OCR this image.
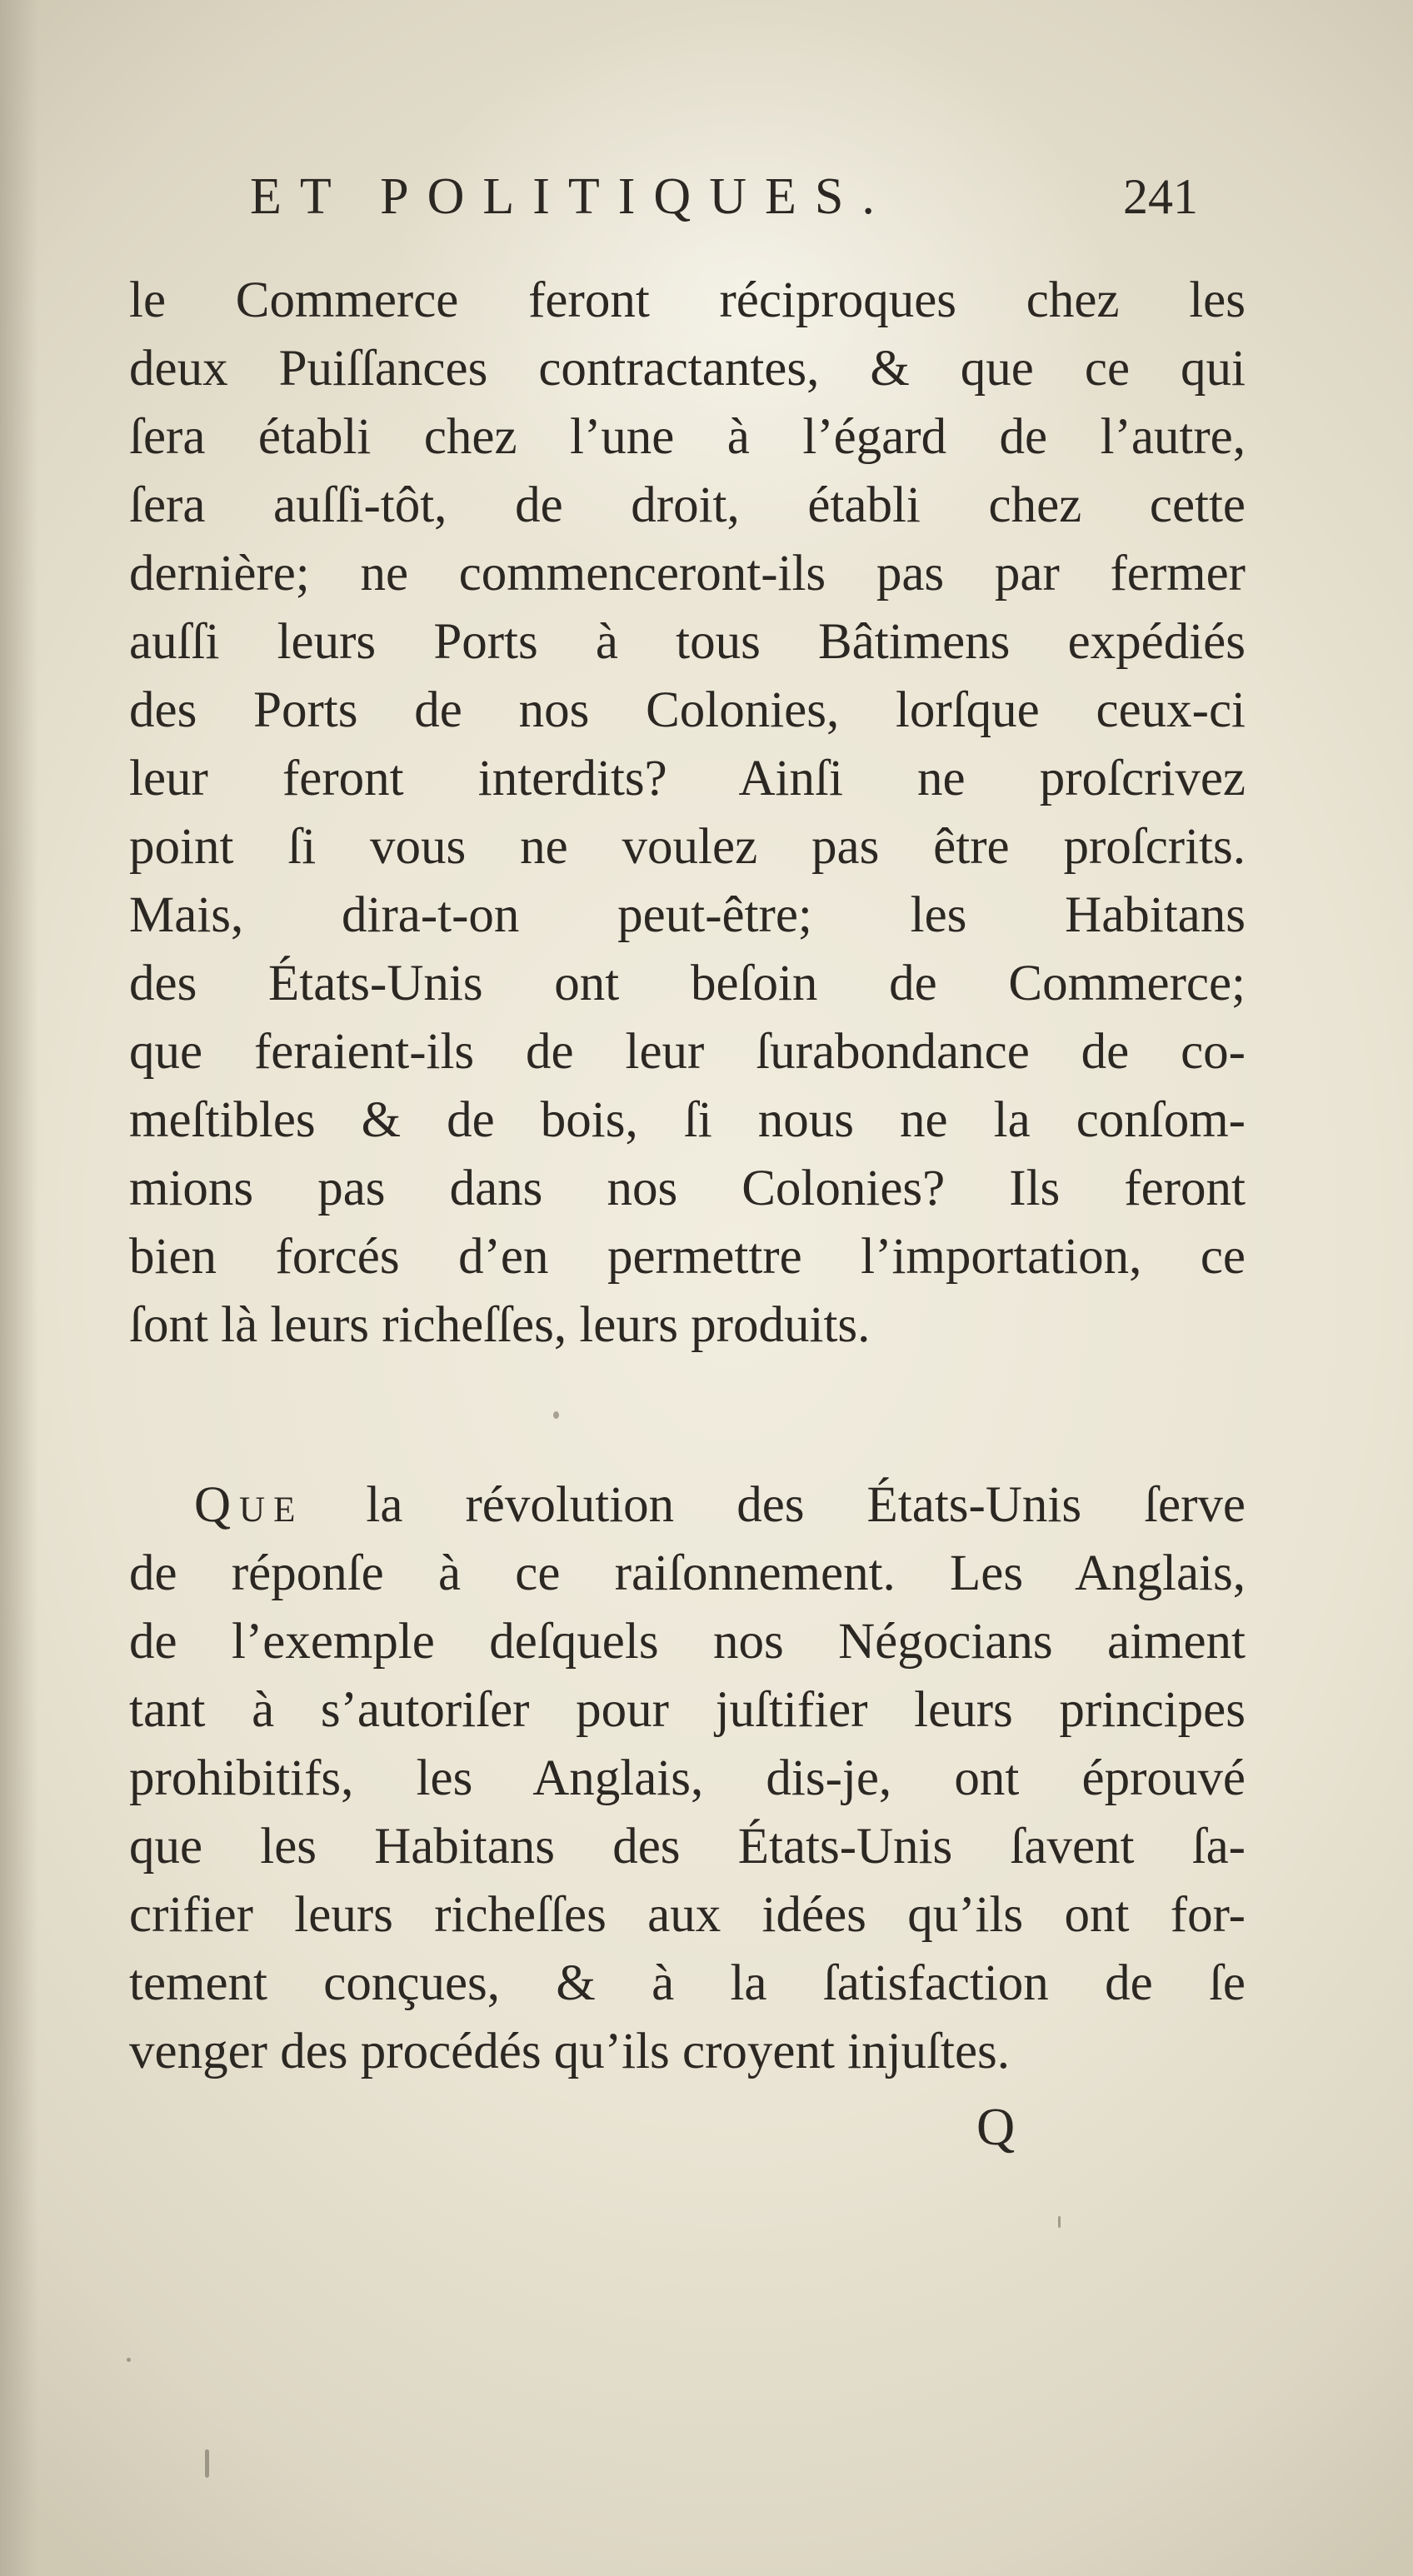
ET POLITIQUES.	241
le Commerce feront réciproques chez les
deux Puiſſances contractantes, & que ce qui
ſera établi chez l’une à l’égard de l’autre,
ſera auſſi-tôt, de droit, établi chez cette
dernière; ne commenceront-ils pas par fermer
auſſi leurs Ports à tous Bâtimens expédiés
des Ports de nos Colonies, lorſque ceux-ci
leur feront interdits? Ainſi ne proſcrivez
point ſi vous ne voulez pas être proſcrits.
Mais, dira-t-on peut-être; les Habitans
des États-Unis ont beſoin de Commerce;
que feraient-ils de leur ſurabondance de co-
meſtibles & de bois, ſi nous ne la conſom-
mions pas dans nos Colonies? Ils feront
bien forcés d’en permettre l’importation, ce
ſont là leurs richeſſes, leurs produits.
Que la révolution des États-Unis ſerve
de réponſe à ce raiſonnement. Les Anglais,
de l’exemple deſquels nos Négocians aiment
tant à s’autoriſer pour juſtifier leurs principes
prohibitifs, les Anglais, dis-je, ont éprouvé
que les Habitans des États-Unis ſavent ſa-
crifier leurs richeſſes aux idées qu’ils ont for-
tement conçues, & à la ſatisfaction de ſe
venger des procédés qu’ils croyent injuſtes.
Q
